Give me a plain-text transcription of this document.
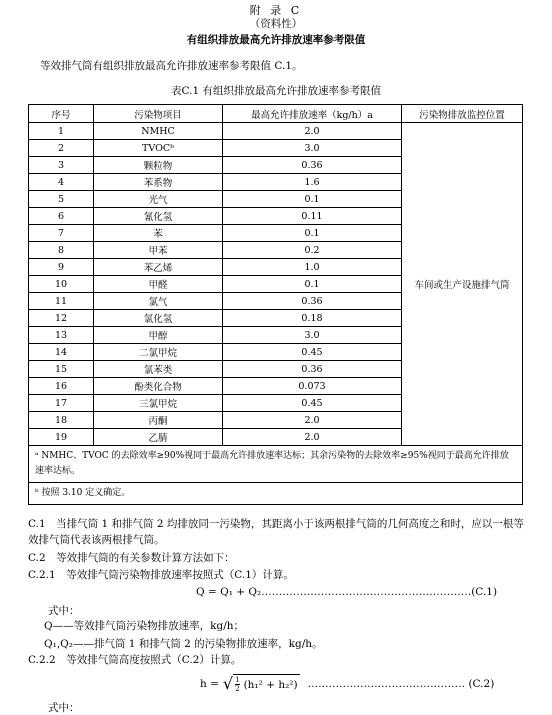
附 录 C
（资料性）
有组织排放最高允许排放速率参考限值
等效排气筒有组织排放最高允许排放速率参考限值 C.1。
表C.1 有组织排放最高允许排放速率参考限值
序号	污染物项目	最高允许排放速率（kg/h）a	污染物排放监控位置
1	NMHC	2.0	车间或生产设施排气筒
2	TVOCᵇ	3.0	
3	颗粒物	0.36	
4	苯系物	1.6	
5	光气	0.1	
6	氰化氢	0.11	
7	苯	0.1	
8	甲苯	0.2	
9	苯乙烯	1.0	
10	甲醛	0.1	
11	氯气	0.36	
12	氯化氢	0.18	
13	甲醇	3.0	
14	二氯甲烷	0.45	
15	氯苯类	0.36	
16	酚类化合物	0.073	
17	三氯甲烷	0.45	
18	丙酮	2.0	
19	乙腈	2.0	
ᵃ NMHC、TVOC 的去除效率≥90%视同于最高允许排放速率达标；其余污染物的去除效率≥95%视同于最高允许排放速率达标。			
ᵇ 按照 3.10 定义确定。			
C.1　当排气筒 1 和排气筒 2 均排放同一污染物，其距离小于该两根排气筒的几何高度之和时，应以一根等效排气筒代表该两根排气筒。
C.2　等效排气筒的有关参数计算方法如下：
C.2.1　等效排气筒污染物排放速率按照式（C.1）计算。
Q = Q₁ + Q₂……………………………………………………(C.1)
式中：
Q——等效排气筒污染物排放速率，kg/h；
Q₁,Q₂——排气筒 1 和排气筒 2 的污染物排放速率，kg/h。
C.2.2　等效排气筒高度按照式（C.2）计算。
h = √ $\frac{1}{2} (h_1^2 + h_2^2)$ ……………………………………… (C.2)
式中：
